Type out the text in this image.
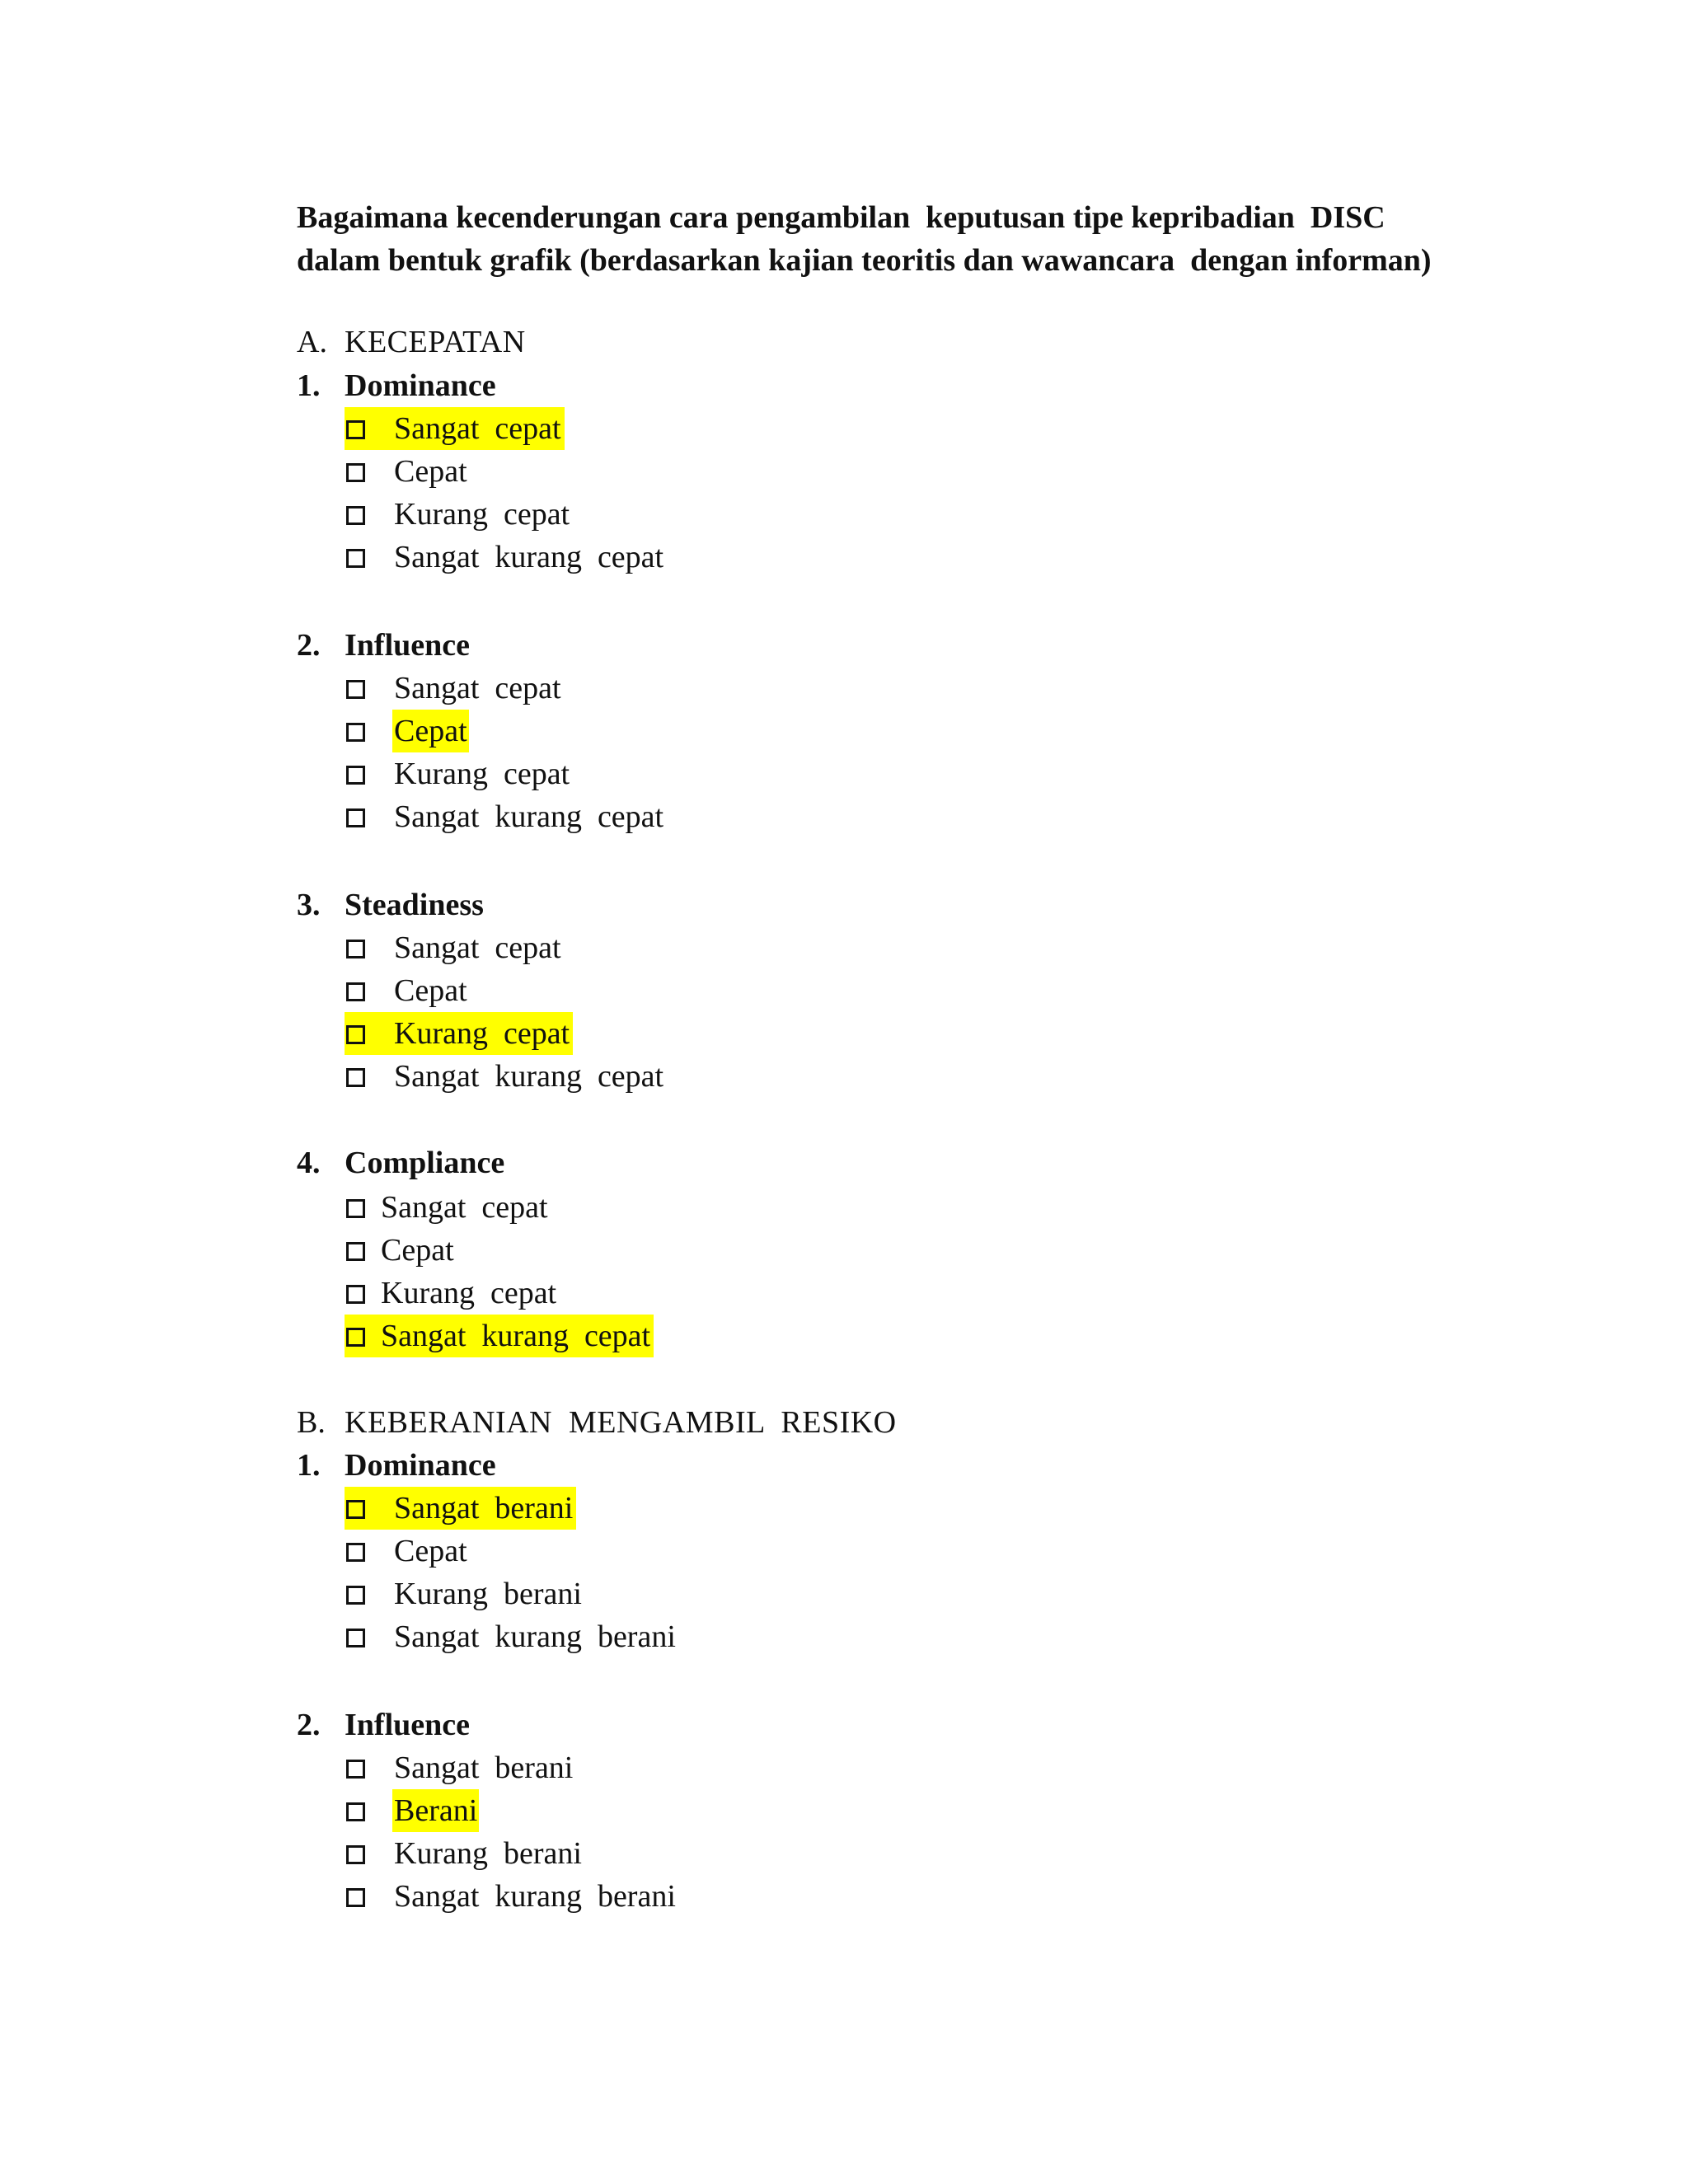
Bagaimana kecenderungan cara pengambilan  keputusan tipe kepribadian  DISC
dalam bentuk grafik (berdasarkan kajian teoritis dan wawancara  dengan informan)

A. KECEPATAN
1. Dominance
Sangat  cepat
Cepat
Kurang  cepat
Sangat  kurang  cepat
2. Influence
Sangat  cepat
Cepat
Kurang  cepat
Sangat  kurang  cepat
3. Steadiness
Sangat  cepat
Cepat
Kurang  cepat
Sangat  kurang  cepat
4. Compliance
Sangat  cepat
Cepat
Kurang  cepat
Sangat  kurang  cepat
B. KEBERANIAN  MENGAMBIL  RESIKO
1. Dominance
Sangat  berani
Cepat
Kurang  berani
Sangat  kurang  berani
2. Influence
Sangat  berani
Berani
Kurang  berani
Sangat  kurang  berani
